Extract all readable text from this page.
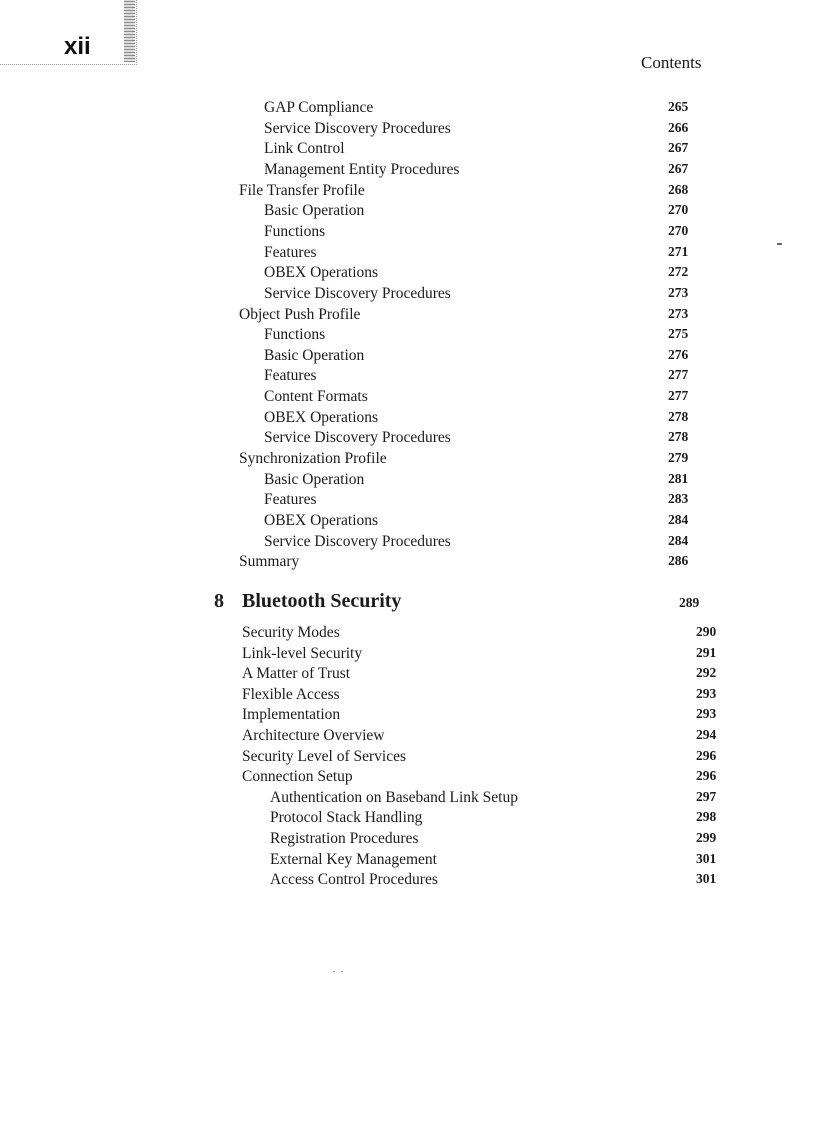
xii
Contents
GAP Compliance	265
Service Discovery Procedures	266
Link Control	267
Management Entity Procedures	267
File Transfer Profile	268
Basic Operation	270
Functions	270
Features	271
OBEX Operations	272
Service Discovery Procedures	273
Object Push Profile	273
Functions	275
Basic Operation	276
Features	277
Content Formats	277
OBEX Operations	278
Service Discovery Procedures	278
Synchronization Profile	279
Basic Operation	281
Features	283
OBEX Operations	284
Service Discovery Procedures	284
Summary	286
8 Bluetooth Security	289
Security Modes	290
Link-level Security	291
A Matter of Trust	292
Flexible Access	293
Implementation	293
Architecture Overview	294
Security Level of Services	296
Connection Setup	296
Authentication on Baseband Link Setup	297
Protocol Stack Handling	298
Registration Procedures	299
External Key Management	301
Access Control Procedures	301
